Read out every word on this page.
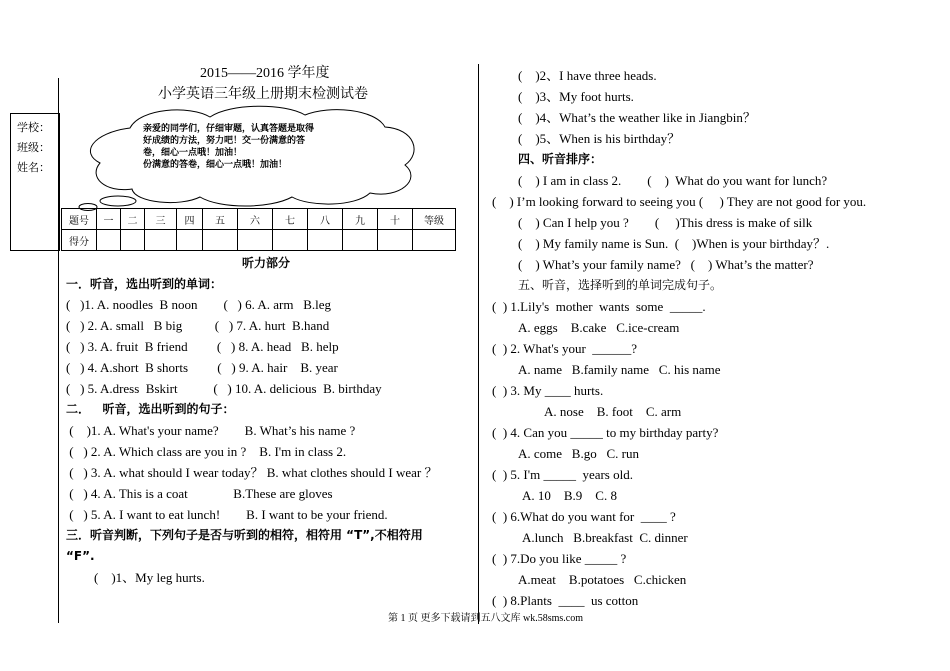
2015——2016 学年度
小学英语三年级上册期末检测试卷
学校：
班级：
姓名：
亲爱的同学们，仔细审题，认真答题是取得
好成绩的方法，努力吧！交一份满意的答
卷，细心一点哦！加油！
份满意的答卷，细心一点哦！加油！
题号	一	二	三	四	五	六	七	八	九	十	等级
得分											
听力部分
一．听音，选出听到的单词：
(   )1. A. noodles  B noon        (   ) 6. A. arm   B.leg
(   ) 2. A. small   B big          (   ) 7. A. hurt  B.hand
(   ) 3. A. fruit  B friend         (   ) 8. A. head   B. help
(   ) 4. A.short  B shorts         (   ) 9. A. hair    B. year
(   ) 5. A.dress  Bskirt           (   ) 10. A. delicious  B. birthday
二．   听音，选出听到的句子：
(    )1. A. What's your name?        B. What’s his name ?
(   ) 2. A. Which class are you in ?    B. I'm in class 2.
(   ) 3. A. what should I wear today？ B. what clothes should I wear ？
(   ) 4. A. This is a coat              B.These are gloves
(   ) 5. A. I want to eat lunch!        B. I want to be your friend.
三．听音判断，下列句子是否与听到的相符，相符用 “T”,不相符用
“F”.
(    )1、My leg hurts.
(    )2、I have three heads.
(    )3、My foot hurts.
(    )4、What’s the weather like in Jiangbin？
(    )5、When is his birthday？
四、听音排序：
(    ) I am in class 2.        (    )  What do you want for lunch?
(    ) I’m looking forward to seeing you (     ) They are not good for you.
(    ) Can I help you ?        (     )This dress is make of silk
(    ) My family name is Sun.  (    )When is your birthday？.
(    ) What’s your family name?   (    ) What’s the matter?
五、听音，选择听到的单词完成句子。
(  ) 1.Lily's  mother  wants  some  _____.
A. eggs    B.cake   C.ice-cream
(  ) 2. What's your  ______?
A. name   B.family name   C. his name
(  ) 3. My ____ hurts.
A. nose    B. foot    C. arm
(  ) 4. Can you _____ to my birthday party?
A. come   B.go   C. run
(  ) 5. I'm _____  years old.
A. 10    B.9    C. 8
(  ) 6.What do you want for  ____ ?
A.lunch   B.breakfast  C. dinner
(  ) 7.Do you like _____ ?
A.meat    B.potatoes   C.chicken
(  ) 8.Plants  ____  us cotton
第 1 页 更多下载请到五八文库 wk.58sms.com
